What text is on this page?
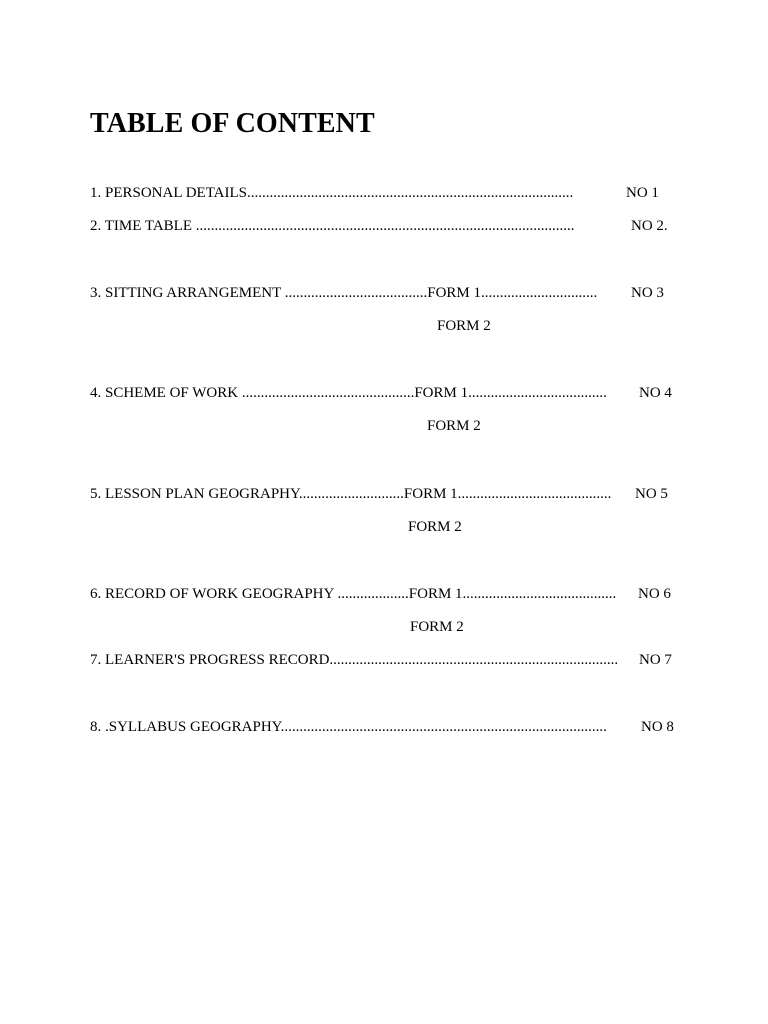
TABLE OF CONTENT
1. PERSONAL DETAILS.......................................................................................	NO 1
2. TIME TABLE .....................................................................................................	NO 2.
3. SITTING ARRANGEMENT ......................................FORM 1............................... NO 3
FORM 2
4. SCHEME OF WORK ..............................................FORM 1..................................... NO 4
FORM 2
5. LESSON PLAN GEOGRAPHY............................FORM 1......................................... NO 5
FORM 2
6. RECORD OF WORK GEOGRAPHY ...................FORM 1......................................... NO 6
FORM 2
7. LEARNER'S PROGRESS RECORD............................................................................. NO 7
8. .SYLLABUS GEOGRAPHY....................................................................................... NO 8
